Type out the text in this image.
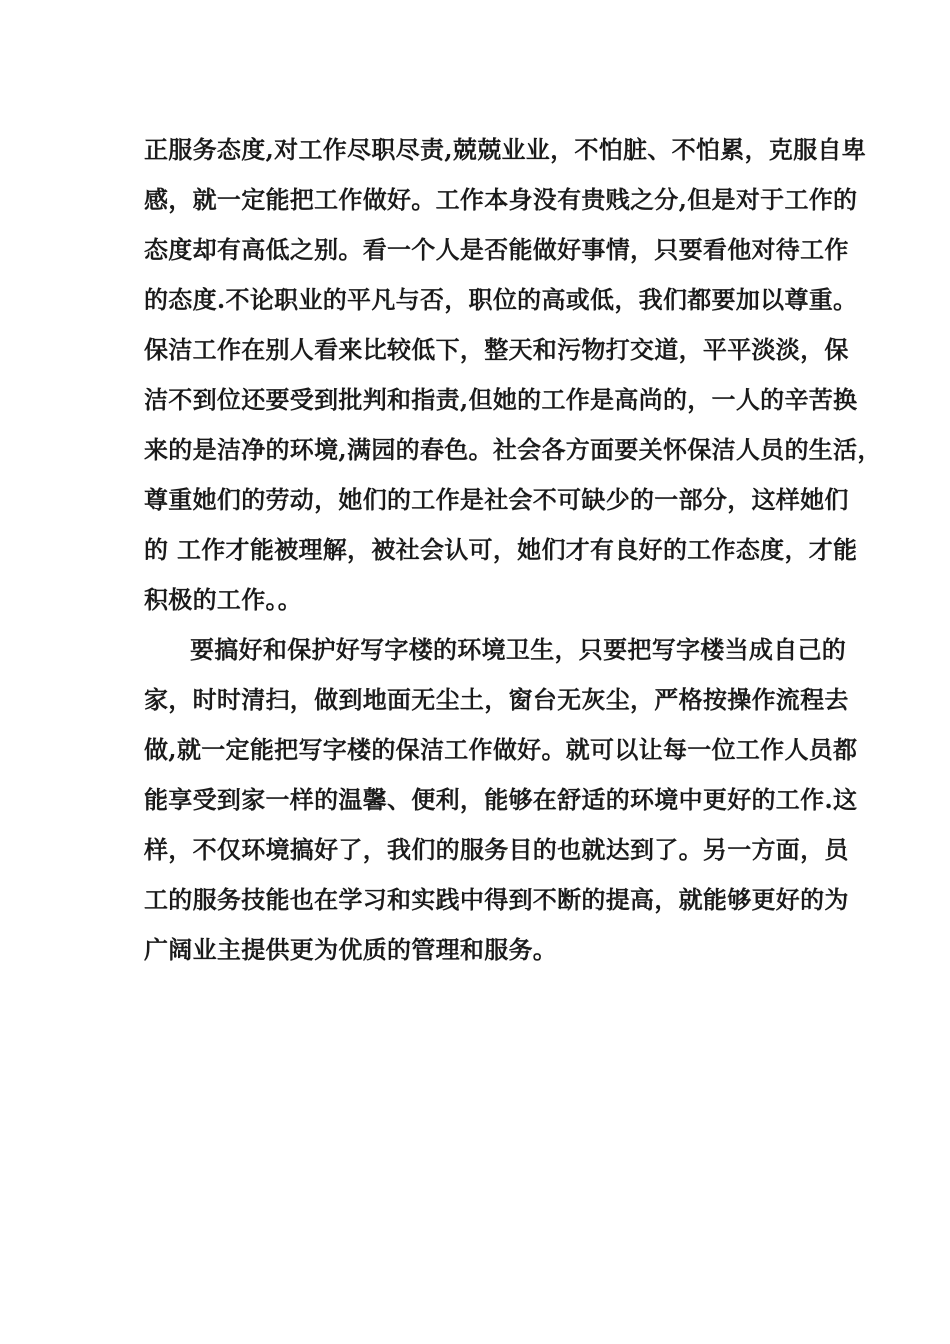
正服务态度,对工作尽职尽责,兢兢业业，不怕脏、不怕累，克服自卑
感，就一定能把工作做好。工作本身没有贵贱之分,但是对于工作的
态度却有高低之别。看一个人是否能做好事情，只要看他对待工作
的态度.不论职业的平凡与否，职位的高或低，我们都要加以尊重。
保洁工作在别人看来比较低下，整天和污物打交道，平平淡淡，保
洁不到位还要受到批判和指责,但她的工作是高尚的，一人的辛苦换
来的是洁净的环境,满园的春色。社会各方面要关怀保洁人员的生活，
尊重她们的劳动，她们的工作是社会不可缺少的一部分，这样她们
的 工作才能被理解，被社会认可，她们才有良好的工作态度，才能
积极的工作。。
要搞好和保护好写字楼的环境卫生，只要把写字楼当成自己的
家，时时清扫，做到地面无尘土，窗台无灰尘，严格按操作流程去
做,就一定能把写字楼的保洁工作做好。就可以让每一位工作人员都
能享受到家一样的温馨、便利，能够在舒适的环境中更好的工作.这
样，不仅环境搞好了，我们的服务目的也就达到了。另一方面，员
工的服务技能也在学习和实践中得到不断的提高，就能够更好的为
广阔业主提供更为优质的管理和服务。
